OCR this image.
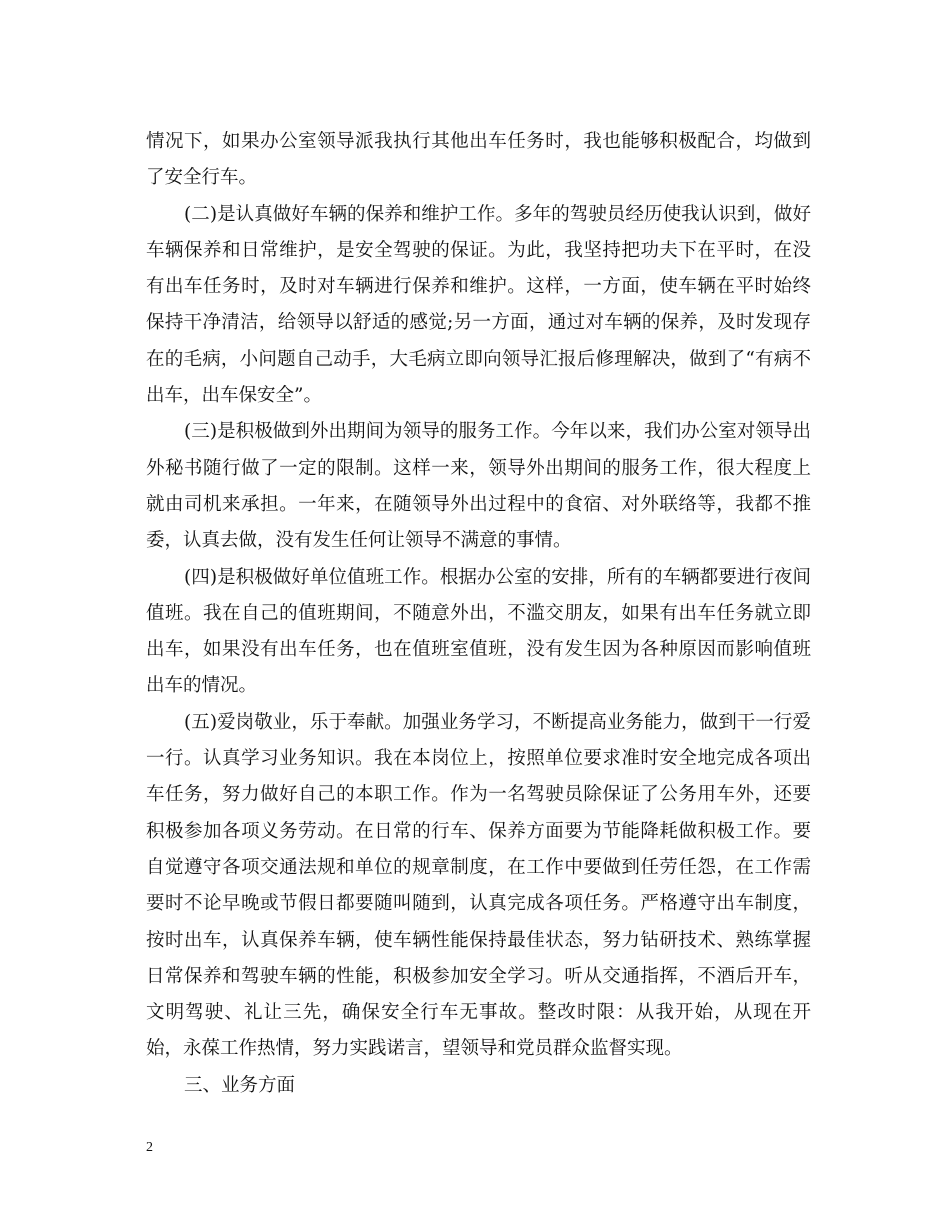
情况下，如果办公室领导派我执行其他出车任务时，我也能够积极配合，均做到了安全行车。

(二)是认真做好车辆的保养和维护工作。多年的驾驶员经历使我认识到，做好车辆保养和日常维护，是安全驾驶的保证。为此，我坚持把功夫下在平时，在没有出车任务时，及时对车辆进行保养和维护。这样，一方面，使车辆在平时始终保持干净清洁，给领导以舒适的感觉;另一方面，通过对车辆的保养，及时发现存在的毛病，小问题自己动手，大毛病立即向领导汇报后修理解决，做到了“有病不出车，出车保安全”。

(三)是积极做到外出期间为领导的服务工作。今年以来，我们办公室对领导出外秘书随行做了一定的限制。这样一来，领导外出期间的服务工作，很大程度上就由司机来承担。一年来，在随领导外出过程中的食宿、对外联络等，我都不推委，认真去做，没有发生任何让领导不满意的事情。

(四)是积极做好单位值班工作。根据办公室的安排，所有的车辆都要进行夜间值班。我在自己的值班期间，不随意外出，不滥交朋友，如果有出车任务就立即出车，如果没有出车任务，也在值班室值班，没有发生因为各种原因而影响值班出车的情况。

(五)爱岗敬业，乐于奉献。加强业务学习，不断提高业务能力，做到干一行爱一行。认真学习业务知识。我在本岗位上，按照单位要求准时安全地完成各项出车任务，努力做好自己的本职工作。作为一名驾驶员除保证了公务用车外，还要积极参加各项义务劳动。在日常的行车、保养方面要为节能降耗做积极工作。要自觉遵守各项交通法规和单位的规章制度，在工作中要做到任劳任怨，在工作需要时不论早晚或节假日都要随叫随到，认真完成各项任务。严格遵守出车制度，按时出车，认真保养车辆，使车辆性能保持最佳状态，努力钻研技术、熟练掌握日常保养和驾驶车辆的性能，积极参加安全学习。听从交通指挥，不酒后开车，文明驾驶、礼让三先，确保安全行车无事故。整改时限：从我开始，从现在开始，永葆工作热情，努力实践诺言，望领导和党员群众监督实现。

三、业务方面

2
